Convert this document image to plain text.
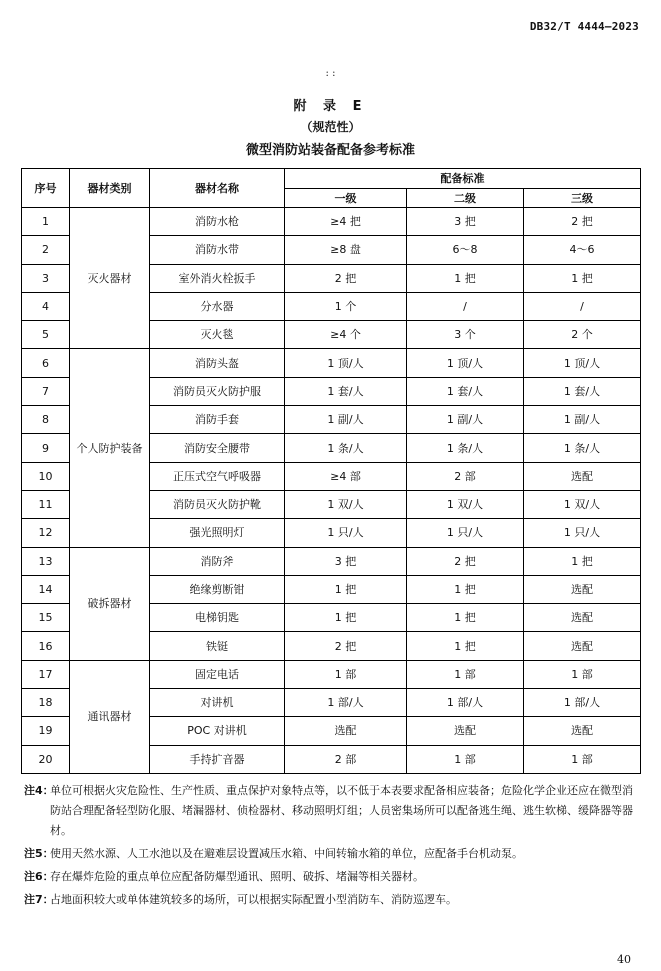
DB32/T 4444—2023
: :
附 录 E
（规范性）
微型消防站装备配备参考标准
序号	器材类别	器材名称	配备标准		
			一级	二级	三级
1	灭火器材	消防水枪	≥4 把	3 把	2 把
2		消防水带	≥8 盘	6～8	4～6
3		室外消火栓扳手	2 把	1 把	1 把
4		分水器	1 个	/	/
5		灭火毯	≥4 个	3 个	2 个
6	个人防护装备	消防头盔	1 顶/人	1 顶/人	1 顶/人
7		消防员灭火防护服	1 套/人	1 套/人	1 套/人
8		消防手套	1 副/人	1 副/人	1 副/人
9		消防安全腰带	1 条/人	1 条/人	1 条/人
10		正压式空气呼吸器	≥4 部	2 部	选配
11		消防员灭火防护靴	1 双/人	1 双/人	1 双/人
12		强光照明灯	1 只/人	1 只/人	1 只/人
13	破拆器材	消防斧	3 把	2 把	1 把
14		绝缘剪断钳	1 把	1 把	选配
15		电梯钥匙	1 把	1 把	选配
16		铁铤	2 把	1 把	选配
17	通讯器材	固定电话	1 部	1 部	1 部
18		对讲机	1 部/人	1 部/人	1 部/人
19		POC 对讲机	选配	选配	选配
20		手持扩音器	2 部	1 部	1 部
注4：
单位可根据火灾危险性、生产性质、重点保护对象特点等，以不低于本表要求配备相应装备；危险化学企业还应在微型消防站合理配备轻型防化服、堵漏器材、侦检器材、移动照明灯组；人员密集场所可以配备逃生绳、逃生软梯、缓降器等器材。
注5：
使用天然水源、人工水池以及在避难层设置减压水箱、中间转输水箱的单位，应配备手台机动泵。
注6：
存在爆炸危险的重点单位应配备防爆型通讯、照明、破拆、堵漏等相关器材。
注7：
占地面积较大或单体建筑较多的场所，可以根据实际配置小型消防车、消防巡逻车。
40
